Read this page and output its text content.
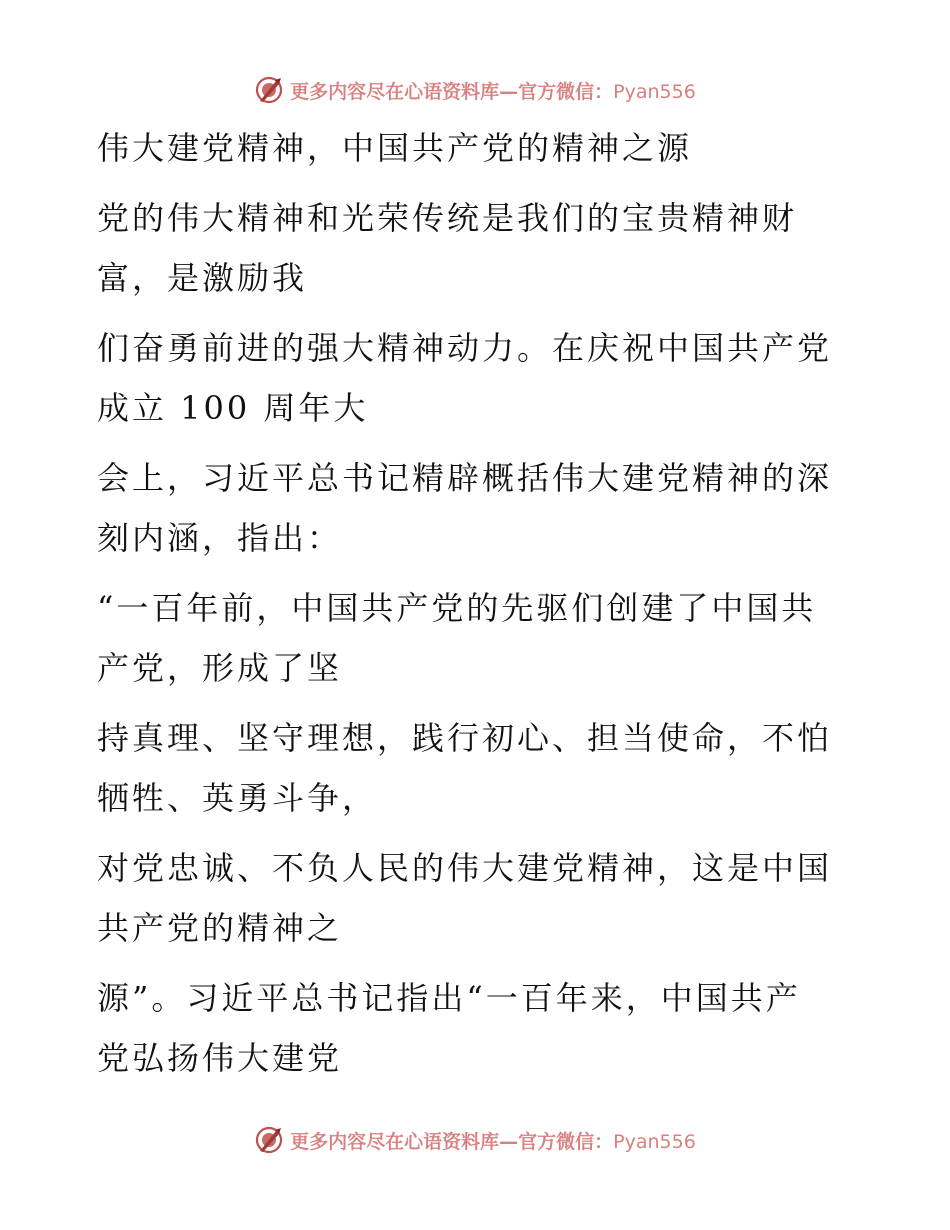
更多内容尽在心语资料库—官方微信：Pyan556

伟大建党精神，中国共产党的精神之源

党的伟大精神和光荣传统是我们的宝贵精神财
富，是激励我

们奋勇前进的强大精神动力。在庆祝中国共产党
成立 100 周年大

会上，习近平总书记精辟概括伟大建党精神的深
刻内涵，指出：

“一百年前，中国共产党的先驱们创建了中国共
产党，形成了坚

持真理、坚守理想，践行初心、担当使命，不怕
牺牲、英勇斗争，

对党忠诚、不负人民的伟大建党精神，这是中国
共产党的精神之

源”。习近平总书记指出“一百年来，中国共产
党弘扬伟大建党

更多内容尽在心语资料库—官方微信：Pyan556
